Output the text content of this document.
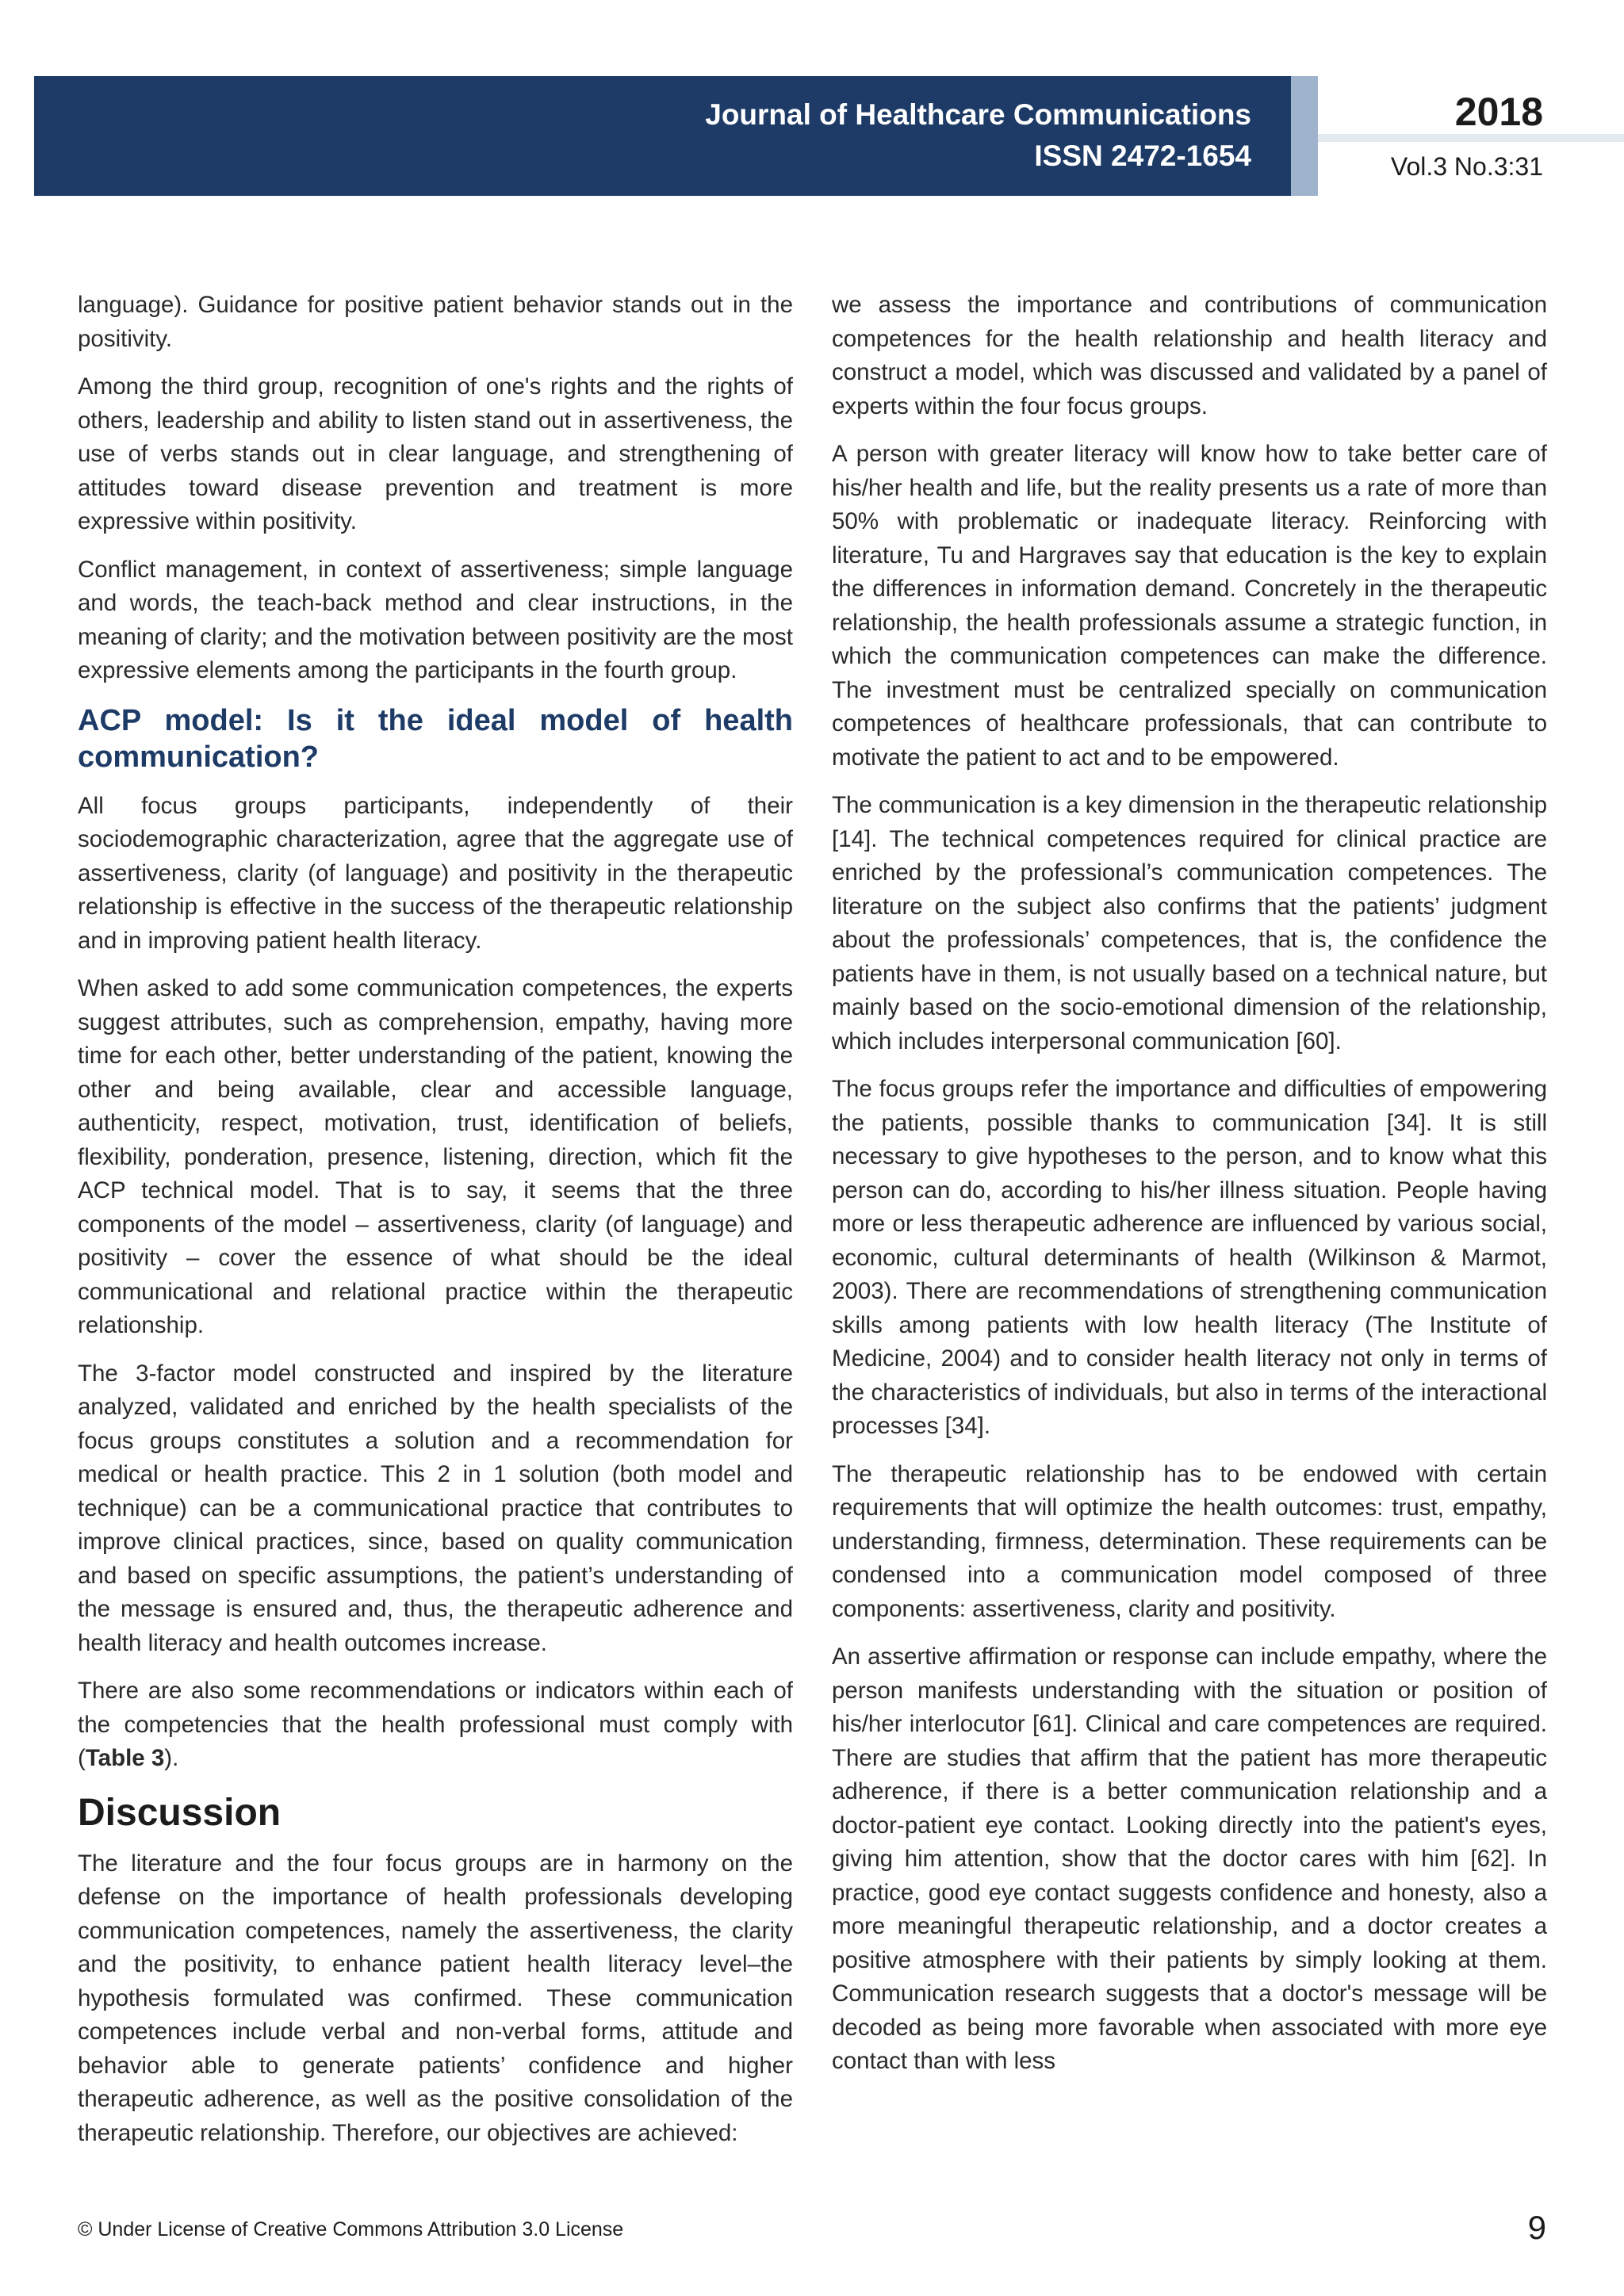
Journal of Healthcare Communications
ISSN 2472-1654
2018
Vol.3 No.3:31

language). Guidance for positive patient behavior stands out in the positivity.

Among the third group, recognition of one's rights and the rights of others, leadership and ability to listen stand out in assertiveness, the use of verbs stands out in clear language, and strengthening of attitudes toward disease prevention and treatment is more expressive within positivity.

Conflict management, in context of assertiveness; simple language and words, the teach-back method and clear instructions, in the meaning of clarity; and the motivation between positivity are the most expressive elements among the participants in the fourth group.

ACP model: Is it the ideal model of health communication?

All focus groups participants, independently of their sociodemographic characterization, agree that the aggregate use of assertiveness, clarity (of language) and positivity in the therapeutic relationship is effective in the success of the therapeutic relationship and in improving patient health literacy.

When asked to add some communication competences, the experts suggest attributes, such as comprehension, empathy, having more time for each other, better understanding of the patient, knowing the other and being available, clear and accessible language, authenticity, respect, motivation, trust, identification of beliefs, flexibility, ponderation, presence, listening, direction, which fit the ACP technical model. That is to say, it seems that the three components of the model – assertiveness, clarity (of language) and positivity – cover the essence of what should be the ideal communicational and relational practice within the therapeutic relationship.

The 3-factor model constructed and inspired by the literature analyzed, validated and enriched by the health specialists of the focus groups constitutes a solution and a recommendation for medical or health practice. This 2 in 1 solution (both model and technique) can be a communicational practice that contributes to improve clinical practices, since, based on quality communication and based on specific assumptions, the patient’s understanding of the message is ensured and, thus, the therapeutic adherence and health literacy and health outcomes increase.

There are also some recommendations or indicators within each of the competencies that the health professional must comply with (Table 3).

Discussion

The literature and the four focus groups are in harmony on the defense on the importance of health professionals developing communication competences, namely the assertiveness, the clarity and the positivity, to enhance patient health literacy level–the hypothesis formulated was confirmed. These communication competences include verbal and non-verbal forms, attitude and behavior able to generate patients’ confidence and higher therapeutic adherence, as well as the positive consolidation of the therapeutic relationship. Therefore, our objectives are achieved:

we assess the importance and contributions of communication competences for the health relationship and health literacy and construct a model, which was discussed and validated by a panel of experts within the four focus groups.

A person with greater literacy will know how to take better care of his/her health and life, but the reality presents us a rate of more than 50% with problematic or inadequate literacy. Reinforcing with literature, Tu and Hargraves say that education is the key to explain the differences in information demand. Concretely in the therapeutic relationship, the health professionals assume a strategic function, in which the communication competences can make the difference. The investment must be centralized specially on communication competences of healthcare professionals, that can contribute to motivate the patient to act and to be empowered.

The communication is a key dimension in the therapeutic relationship [14]. The technical competences required for clinical practice are enriched by the professional’s communication competences. The literature on the subject also confirms that the patients’ judgment about the professionals’ competences, that is, the confidence the patients have in them, is not usually based on a technical nature, but mainly based on the socio-emotional dimension of the relationship, which includes interpersonal communication [60].

The focus groups refer the importance and difficulties of empowering the patients, possible thanks to communication [34]. It is still necessary to give hypotheses to the person, and to know what this person can do, according to his/her illness situation. People having more or less therapeutic adherence are influenced by various social, economic, cultural determinants of health (Wilkinson & Marmot, 2003). There are recommendations of strengthening communication skills among patients with low health literacy (The Institute of Medicine, 2004) and to consider health literacy not only in terms of the characteristics of individuals, but also in terms of the interactional processes [34].

The therapeutic relationship has to be endowed with certain requirements that will optimize the health outcomes: trust, empathy, understanding, firmness, determination. These requirements can be condensed into a communication model composed of three components: assertiveness, clarity and positivity.

An assertive affirmation or response can include empathy, where the person manifests understanding with the situation or position of his/her interlocutor [61]. Clinical and care competences are required. There are studies that affirm that the patient has more therapeutic adherence, if there is a better communication relationship and a doctor-patient eye contact. Looking directly into the patient's eyes, giving him attention, show that the doctor cares with him [62]. In practice, good eye contact suggests confidence and honesty, also a more meaningful therapeutic relationship, and a doctor creates a positive atmosphere with their patients by simply looking at them. Communication research suggests that a doctor's message will be decoded as being more favorable when associated with more eye contact than with less

© Under License of Creative Commons Attribution 3.0 License	9
